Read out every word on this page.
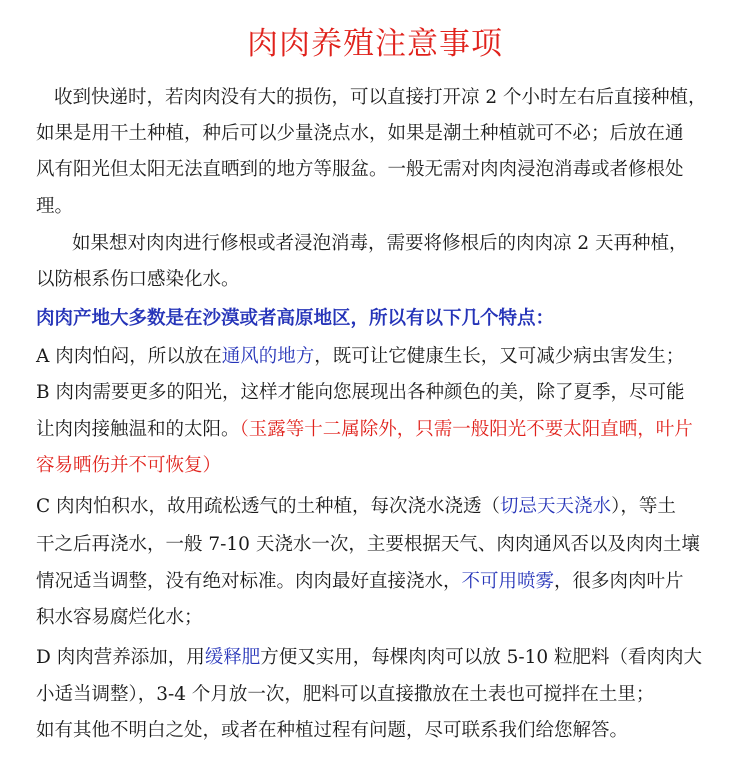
肉肉养殖注意事项
收到快递时，若肉肉没有大的损伤，可以直接打开凉 2 个小时左右后直接种植，
如果是用干土种植，种后可以少量浇点水，如果是潮土种植就可不必；后放在通
风有阳光但太阳无法直晒到的地方等服盆。一般无需对肉肉浸泡消毒或者修根处
理。
如果想对肉肉进行修根或者浸泡消毒，需要将修根后的肉肉凉 2 天再种植，
以防根系伤口感染化水。
肉肉产地大多数是在沙漠或者高原地区，所以有以下几个特点：
A 肉肉怕闷，所以放在通风的地方，既可让它健康生长，又可减少病虫害发生；
B 肉肉需要更多的阳光，这样才能向您展现出各种颜色的美，除了夏季，尽可能
让肉肉接触温和的太阳。（玉露等十二属除外，只需一般阳光不要太阳直晒，叶片
容易晒伤并不可恢复）
C 肉肉怕积水，故用疏松透气的土种植，每次浇水浇透（切忌天天浇水），等土
干之后再浇水，一般 7-10 天浇水一次，主要根据天气、肉肉通风否以及肉肉土壤
情况适当调整，没有绝对标准。肉肉最好直接浇水，不可用喷雾，很多肉肉叶片
积水容易腐烂化水；
D 肉肉营养添加，用缓释肥方便又实用，每棵肉肉可以放 5-10 粒肥料（看肉肉大
小适当调整），3-4 个月放一次，肥料可以直接撒放在土表也可搅拌在土里；
如有其他不明白之处，或者在种植过程有问题，尽可联系我们给您解答。
